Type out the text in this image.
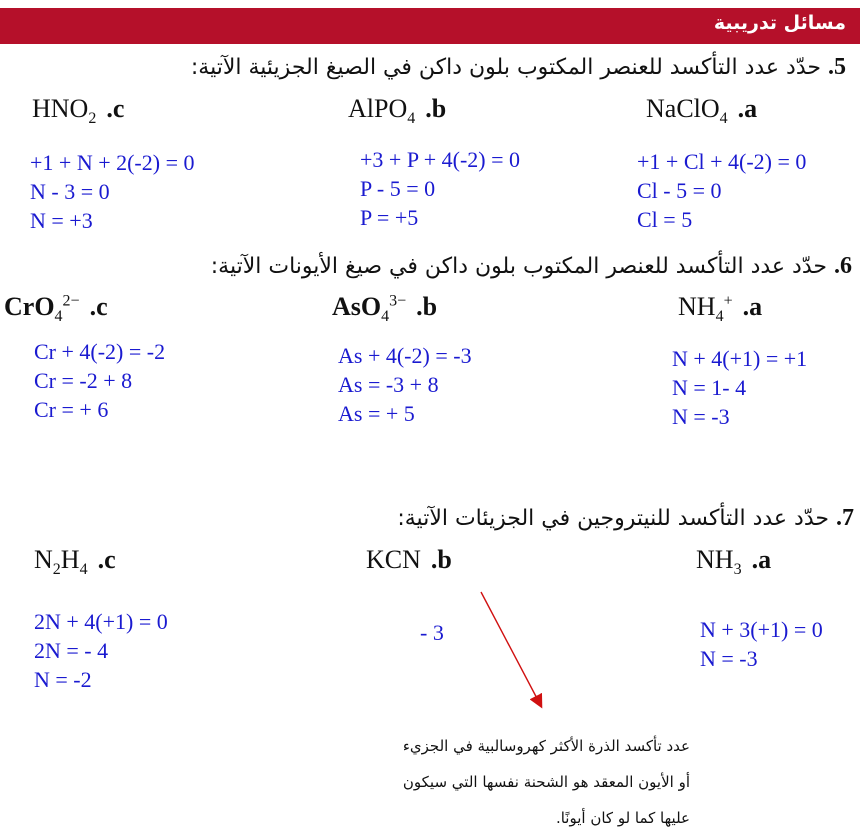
مسائل تدريبية
5. حدّد عدد التأكسد للعنصر المكتوب بلون داكن في الصيغ الجزيئية الآتية:
NaClO$_4$ .a
AlPO$_4$ .b
$HNO_2$ .c
+1 + Cl + 4(-2) = 0
Cl - 5 = 0
Cl = 5
+3 + P + 4(-2) = 0
P - 5 = 0
P = +5
+1 + N + 2(-2) = 0
N - 3 = 0
N = +3
6. حدّد عدد التأكسد للعنصر المكتوب بلون داكن في صيغ الأيونات الآتية:
$NH_4^+$ .a
AsO$_4^{3-}$ .b
CrO$_4^{2-}$ .c
N + 4(+1) = +1
N = 1- 4
N = -3
As + 4(-2) = -3
As = -3 + 8
As = + 5
Cr + 4(-2) = -2
Cr = -2 + 8
Cr = + 6
7. حدّد عدد التأكسد للنيتروجين في الجزيئات الآتية:
$NH_3$ .a
KCN .b
$N_2H_4$ .c
N + 3(+1) = 0
N = -3
- 3
2N + 4(+1) = 0
2N = - 4
N = -2
عدد تأكسد الذرة الأكثر كهروسالبية في الجزيء
أو الأيون المعقد هو الشحنة نفسها التي سيكون
عليها كما لو كان أيونًا.
